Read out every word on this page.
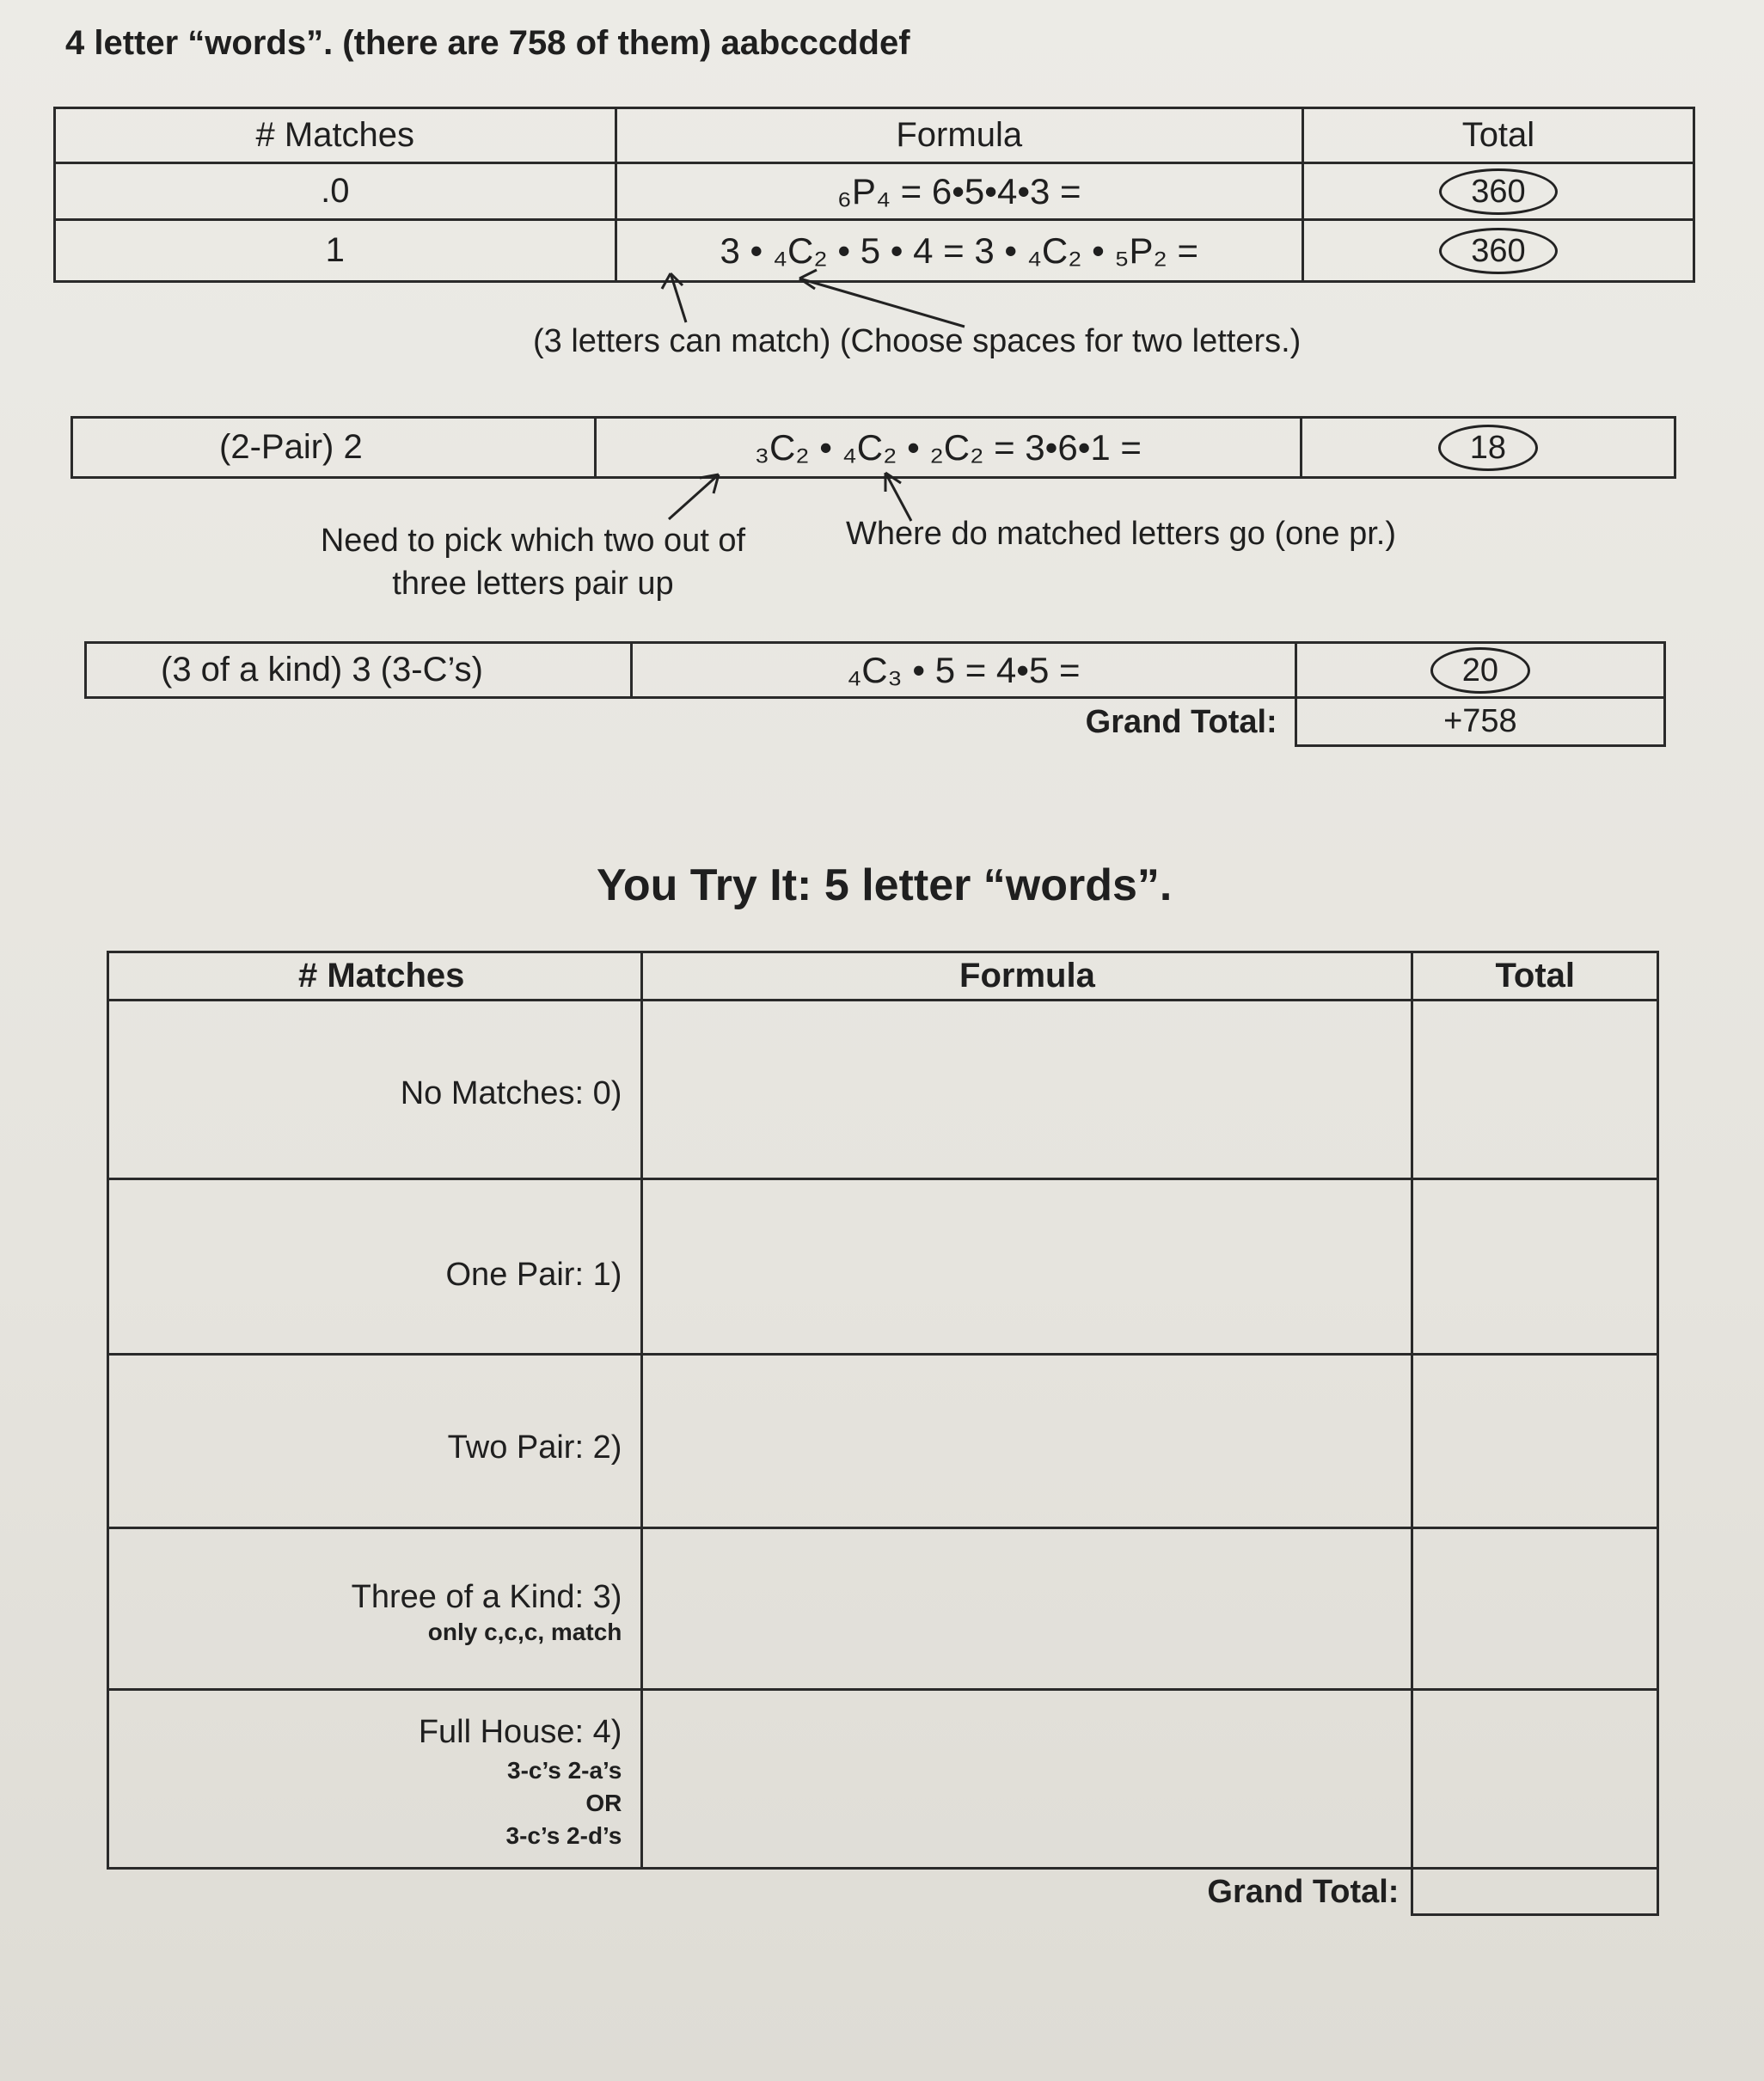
4 letter “words”. (there are 758 of them) aabcccddef
# Matches	Formula	Total
.0	₆P₄ = 6•5•4•3 =	360
1	3 • ₄C₂ • 5 • 4 = 3 • ₄C₂ • ₅P₂ =	360
(3 letters can match) (Choose spaces for two letters.)
(2-Pair) 2	₃C₂ • ₄C₂ • ₂C₂ = 3•6•1 =	18
Need to pick which two out of three letters pair up
Where do matched letters go (one pr.)
(3 of a kind) 3 (3-C’s)	₄C₃ • 5 = 4•5 =	20
	Grand Total:	+758
You Try It: 5 letter “words”.
# Matches	Formula	Total

No Matches: 0)		

One Pair: 1)		

Two Pair: 2)		

Three of a Kind: 3)
only c,c,c, match		

Full House: 4)
3-c’s 2-a’s
OR
3-c’s 2-d’s		

	Grand Total:	
